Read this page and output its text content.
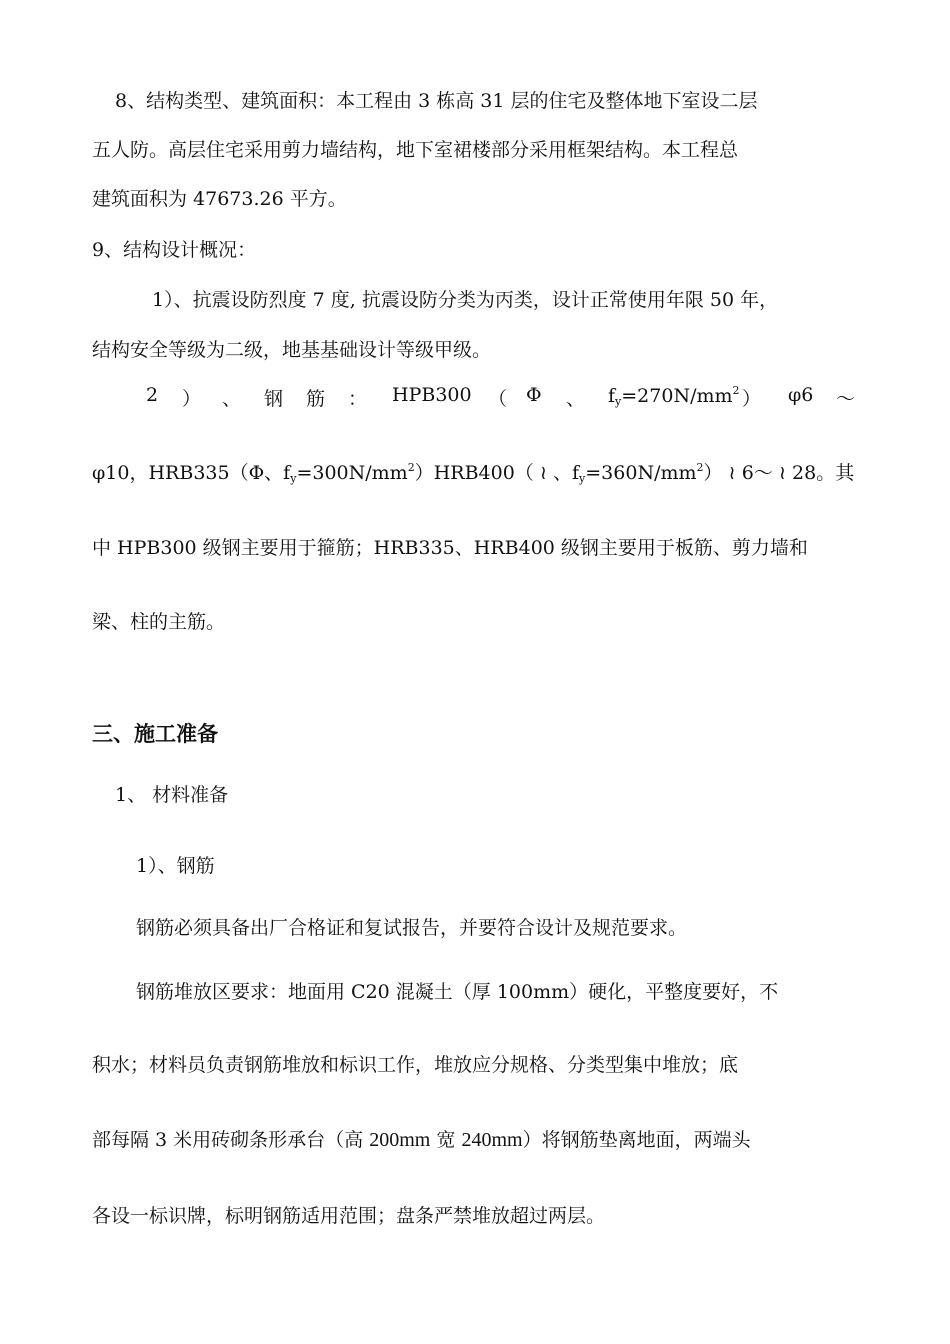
8、结构类型、建筑面积：本工程由 3 栋高 31 层的住宅及整体地下室设二层
五人防。高层住宅采用剪力墙结构，地下室裙楼部分采用框架结构。本工程总
建筑面积为 47673.26 平方。
9、结构设计概况：
1）、抗震设防烈度 7 度, 抗震设防分类为丙类，设计正常使用年限 50 年，
结构安全等级为二级，地基基础设计等级甲级。
2 ） 、 钢 筋 ： HPB300 （ Φ 、 $f_y=270N/mm^2$ ） φ6 ～
φ10，HRB335（Φ、$f_y=300N/mm^2)HRB400$（ ≀ 、$f_y=360N/mm^2$） ≀ 6～ ≀ 28。其
中 HPB300 级钢主要用于箍筋；HRB335、HRB400 级钢主要用于板筋、剪力墙和
梁、柱的主筋。
三、施工准备
1、 材料准备
1）、钢筋
钢筋必须具备出厂合格证和复试报告，并要符合设计及规范要求。
钢筋堆放区要求：地面用 C20 混凝土（厚 100mm）硬化，平整度要好，不
积水；材料员负责钢筋堆放和标识工作，堆放应分规格、分类型集中堆放；底
部每隔 3 米用砖砌条形承台（高 200mm 宽 240mm）将钢筋垫离地面，两端头
各设一标识牌，标明钢筋适用范围；盘条严禁堆放超过两层。
